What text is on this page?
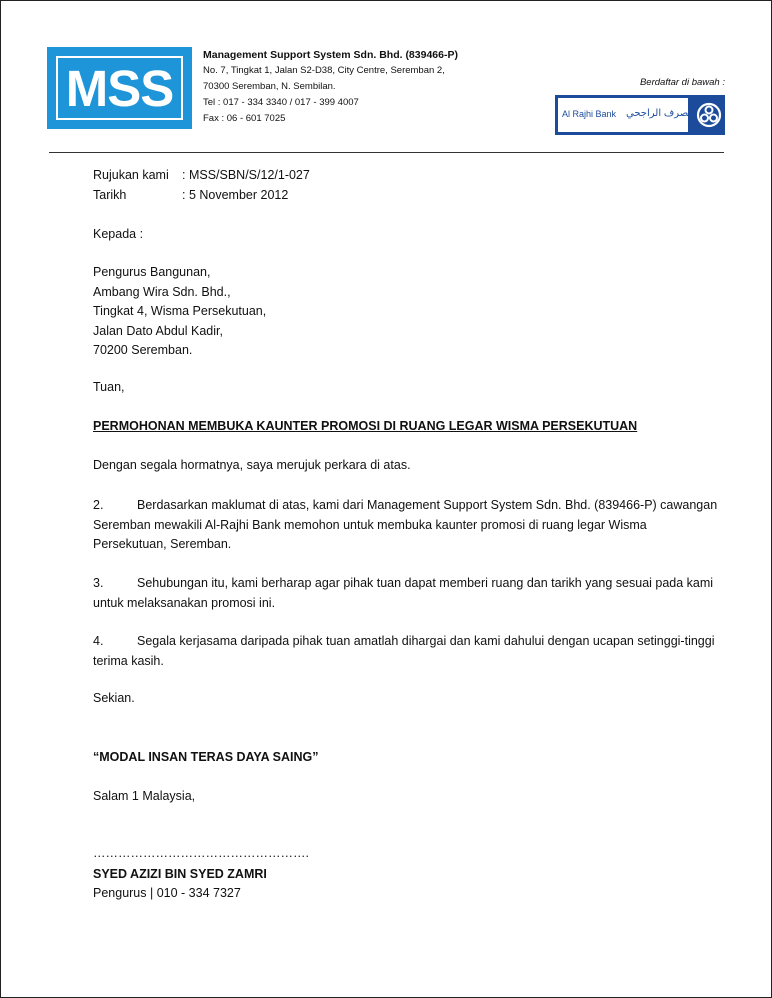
MSS
Management Support System Sdn. Bhd. (839466-P)
No. 7, Tingkat 1, Jalan S2-D38, City Centre, Seremban 2,
70300 Seremban, N. Sembilan.
Tel : 017 - 334 3340 / 017 - 399 4007
Fax : 06 - 601 7025
Berdaftar di bawah :
Al Rajhi Bank مصرف الراجحي
Rujukan kami : MSS/SBN/S/12/1-027
Tarikh	: 5 November 2012
Kepada :
Pengurus Bangunan,
Ambang Wira Sdn. Bhd.,
Tingkat 4, Wisma Persekutuan,
Jalan Dato Abdul Kadir,
70200 Seremban.
Tuan,
PERMOHONAN MEMBUKA KAUNTER PROMOSI DI RUANG LEGAR WISMA PERSEKUTUAN
Dengan segala hormatnya, saya merujuk perkara di atas.
2.	Berdasarkan maklumat di atas, kami dari Management Support System Sdn. Bhd. (839466-P) cawangan
Seremban mewakili Al-Rajhi Bank memohon untuk membuka kaunter promosi di ruang legar Wisma
Persekutuan, Seremban.
3.	Sehubungan itu, kami berharap agar pihak tuan dapat memberi ruang dan tarikh yang sesuai pada kami
untuk melaksanakan promosi ini.
4.	Segala kerjasama daripada pihak tuan amatlah dihargai dan kami dahului dengan ucapan setinggi-tinggi
terima kasih.
Sekian.
“MODAL INSAN TERAS DAYA SAING”
Salam 1 Malaysia,
…………………………………………….
SYED AZIZI BIN SYED ZAMRI
Pengurus | 010 - 334 7327
